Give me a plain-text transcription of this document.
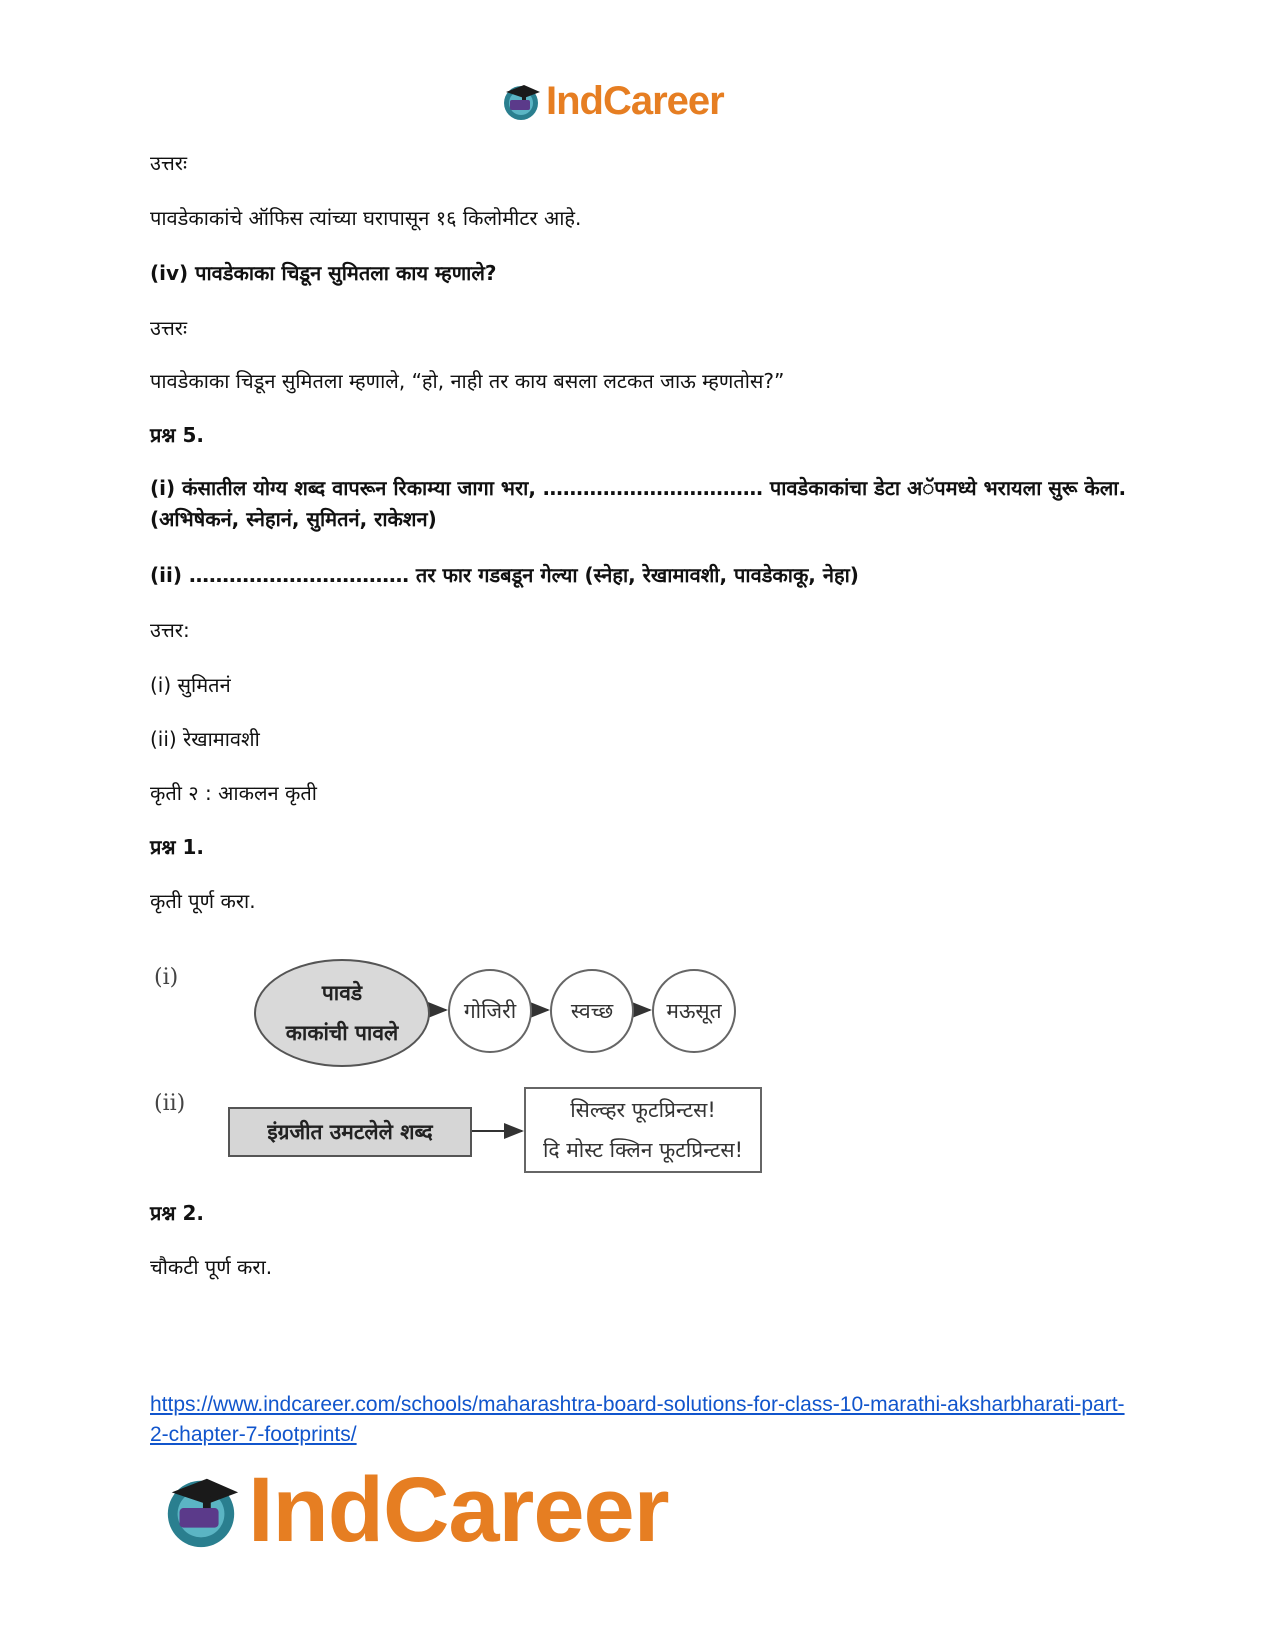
IndCareer

उत्तरः

पावडेकाकांचे ऑफिस त्यांच्या घरापासून १६ किलोमीटर आहे.

(iv) पावडेकाका चिडून सुमितला काय म्हणाले?

उत्तरः

पावडेकाका चिडून सुमितला म्हणाले, “हो, नाही तर काय बसला लटकत जाऊ म्हणतोस?”

प्रश्न 5.

(i) कंसातील योग्य शब्द वापरून रिकाम्या जागा भरा, …………………………… पावडेकाकांचा डेटा अॅपमध्ये भरायला सुरू केला. (अभिषेकनं, स्नेहानं, सुमितनं, राकेशन)

(ii) …………………………… तर फार गडबडून गेल्या (स्नेहा, रेखामावशी, पावडेकाकू, नेहा)

उत्तर:

(i) सुमितनं

(ii) रेखामावशी

कृती २ : आकलन कृती

प्रश्न 1.

कृती पूर्ण करा.

प्रश्न 2.

चौकटी पूर्ण करा.

(i)
पावडे
काकांची पावले
गोजिरी	स्वच्छ	मऊसूत
(ii)
इंग्रजीत उमटलेले शब्द
सिल्व्हर फूटप्रिन्टस!
दि मोस्ट क्लिन फूटप्रिन्टस!
https://www.indcareer.com/schools/maharashtra-board-solutions-for-class-10-marathi-aksharbharati-part-2-chapter-7-footprints/
IndCareer
